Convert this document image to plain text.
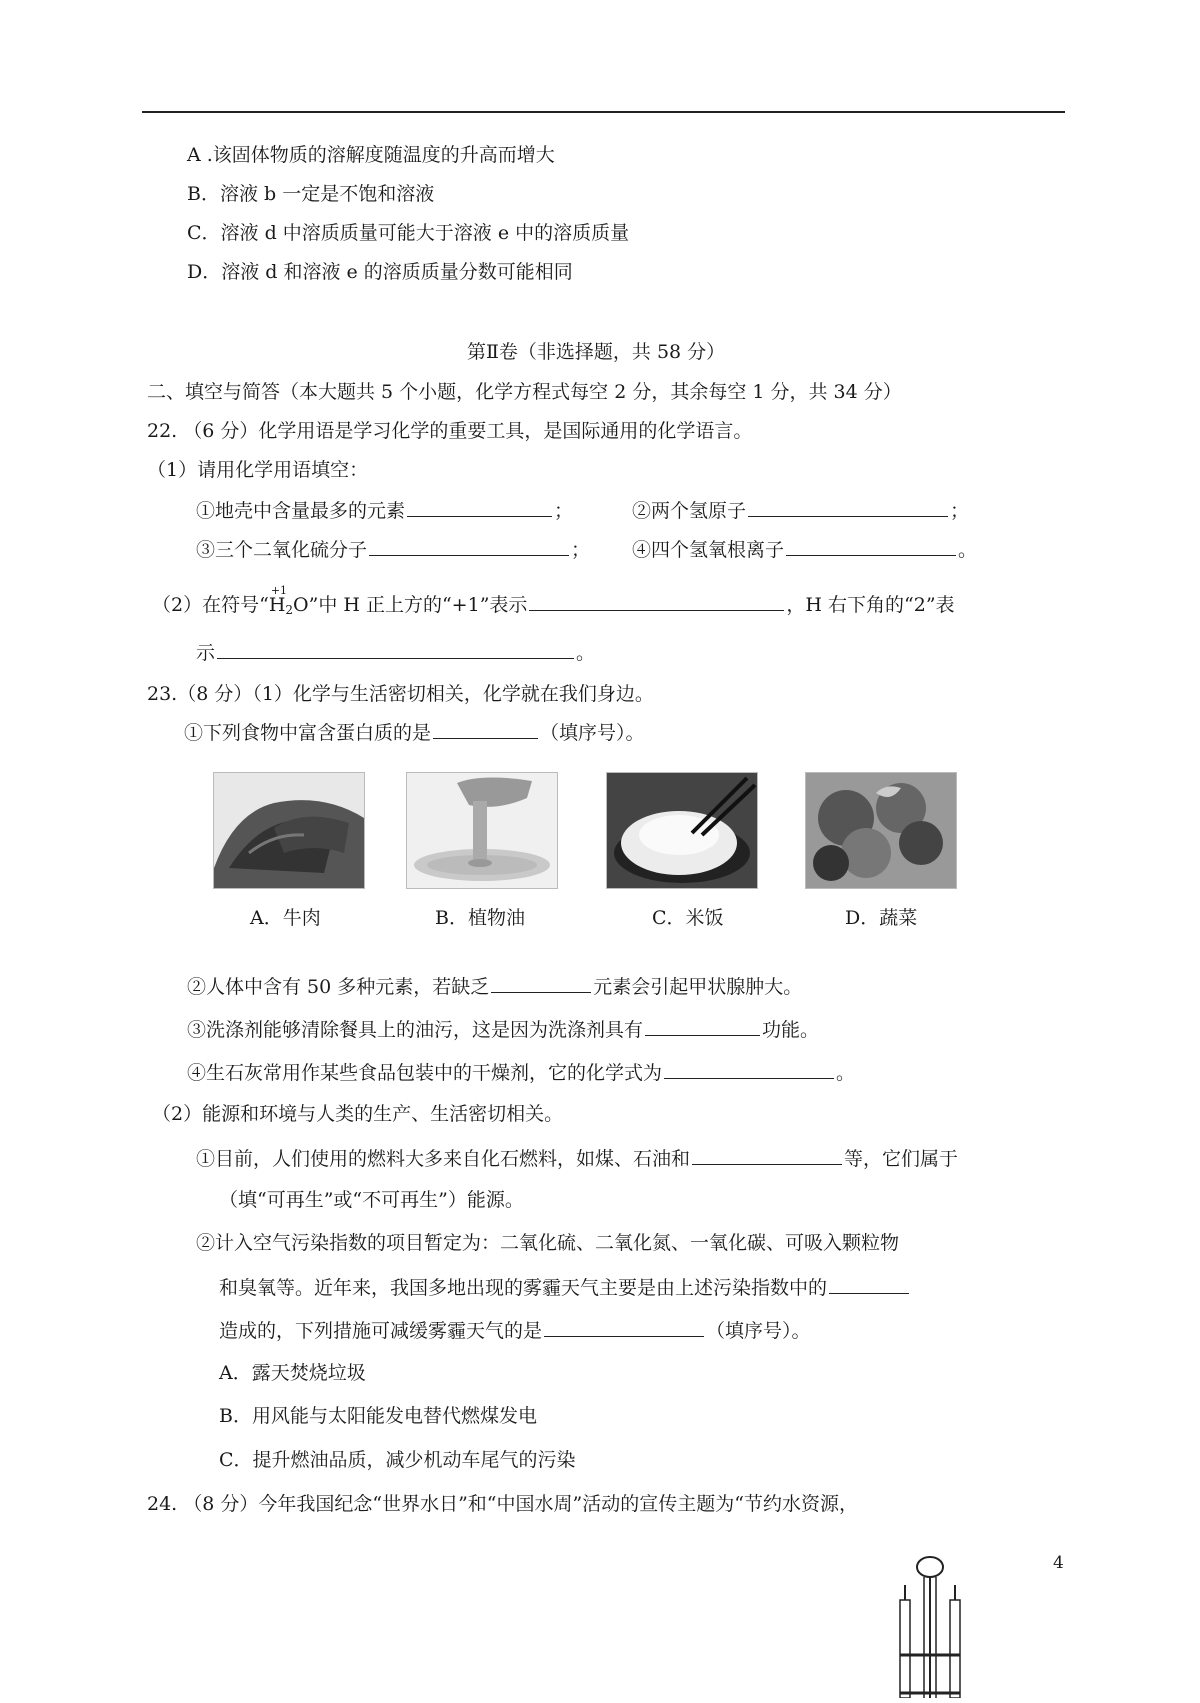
A .该固体物质的溶解度随温度的升高而增大
B．溶液 b 一定是不饱和溶液
C．溶液 d 中溶质质量可能大于溶液 e 中的溶质质量
D．溶液 d 和溶液 e 的溶质质量分数可能相同
第Ⅱ卷（非选择题，共 58 分）
二、填空与简答（本大题共 5 个小题，化学方程式每空 2 分，其余每空 1 分，共 34 分）
22. （6 分）化学用语是学习化学的重要工具，是国际通用的化学语言。
（1）请用化学用语填空：
①地壳中含量最多的元素	；	②两个氢原子	；
③三个二氧化硫分子	； ④四个氢氧根离子	。
（2）在符号“
+1
$H_2O$”中 H 正上方的“+1”表示	，H 右下角的“2”表
示	。
23.（8 分）（1）化学与生活密切相关，化学就在我们身边。
①下列食物中富含蛋白质的是	（填序号）。
A．牛肉	B．植物油	C．米饭	D．蔬菜
②人体中含有 50 多种元素，若缺乏	元素会引起甲状腺肿大。
③洗涤剂能够清除餐具上的油污，这是因为洗涤剂具有	功能。
④生石灰常用作某些食品包装中的干燥剂，它的化学式为	。
（2）能源和环境与人类的生产、生活密切相关。
①目前，人们使用的燃料大多来自化石燃料，如煤、石油和	等，它们属于
（填“可再生”或“不可再生”）能源。
②计入空气污染指数的项目暂定为：二氧化硫、二氧化氮、一氧化碳、可吸入颗粒物
和臭氧等。近年来，我国多地出现的雾霾天气主要是由上述污染指数中的
造成的，下列措施可减缓雾霾天气的是	（填序号）。
A．露天焚烧垃圾
B．用风能与太阳能发电替代燃煤发电
C．提升燃油品质，减少机动车尾气的污染
24. （8 分）今年我国纪念“世界水日”和“中国水周”活动的宣传主题为“节约水资源，
4
